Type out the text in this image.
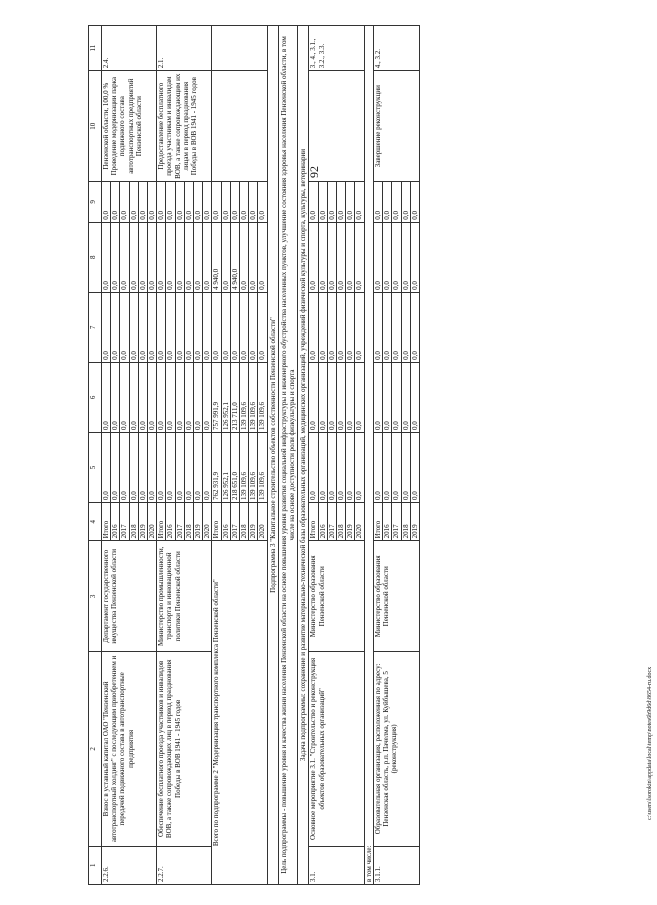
92
c:\users\lsorokin\appdata\local\temp\notes6b9d6d\8654-ru.docx
1	2	3	4	5	6	7	8	9	10	11
2.2.6.	Взнос в уставный капитал ОАО "Пензенский автотранспортный холдинг" с последующим приобретением и передачей подвижного состава в автотранспортные предприятия	Департамент государственного имущества Пензенской области	Итого	0,0	0,0	0,0	0,0	0,0	Пензенской области, 100,0 % Проведение модернизации парка подвижного состава автотранспортных предприятий Пензенской области	2.4.
			2016	0,0	0,0	0,0	0,0	0,0		
			2017	0,0	0,0	0,0	0,0	0,0		
			2018	0,0	0,0	0,0	0,0	0,0		
			2019	0,0	0,0	0,0	0,0	0,0		
			2020	0,0	0,0	0,0	0,0	0,0		
2.2.7.	Обеспечение бесплатного проезда участников и инвалидов ВОВ, а также сопровождающих лиц в период празднования Победы в ВОВ 1941 - 1945 годов	Министерство промышленности, транспорта и инновационной политики Пензенской области	Итого	0,0	0,0	0,0	0,0	0,0	Предоставление бесплатного проезда участникам и инвалидам ВОВ, а также сопровождающим их лицам в период празднования Победы в ВОВ 1941 - 1945 годов	2.1.
			2016	0,0	0,0	0,0	0,0	0,0		
			2017	0,0	0,0	0,0	0,0	0,0		
			2018	0,0	0,0	0,0	0,0	0,0		
			2019	0,0	0,0	0,0	0,0	0,0		
			2020	0,0	0,0	0,0	0,0	0,0		
Всего по подпрограмме 2 "Модернизация транспортного комплекса Пензенской области"			Итого	762 931,9	757 991,9	0,0	4 940,0	0,0		
			2016	126 952,1	126 952,1	0,0	0,0	0,0		
			2017	218 651,0	213 711,0	0,0	4 940,0	0,0		
			2018	139 109,6	139 109,6	0,0	0,0	0,0		
			2019	139 109,6	139 109,6	0,0	0,0	0,0		
			2020	139 109,6	139 109,6	0,0	0,0	0,0		
Подпрограмма 3 "Капитальное строительство объектов собственности Пензенской области"										
Цель подпрограммы - повышение уровня и качества жизни населения Пензенской области на основе повышения уровня развития социальной инфраструктуры и инженерного обустройства населенных пунктов, улучшение состояния здоровья населения Пензенской области, в том числе на основе доступности роли физкультуры и спорта										
Задача подпрограммы: сохранение и развитие материально-технической базы образовательных организаций, медицинских организаций, учреждений физической культуры и спорта, культуры, ветеринарии										
3.1.	Основное мероприятие 3.1. "Строительство и реконструкция объектов образовательных организаций"	Министерство образования Пензенской области	Итого	0,0	0,0	0,0	0,0	0,0		3., 4., 3.1., 3.2., 3.3.
			2016	0,0	0,0	0,0	0,0	0,0		
			2017	0,0	0,0	0,0	0,0	0,0		
			2018	0,0	0,0	0,0	0,0	0,0		
			2019	0,0	0,0	0,0	0,0	0,0		
			2020	0,0	0,0	0,0	0,0	0,0		
в том числе:										
3.1.1.	Образовательная организация, расположенная по адресу: Пензенская область, р.п. Пачелма, ул. Куйбышева, 5 (реконструкция)	Министерство образования Пензенской области	Итого	0,0	0,0	0,0	0,0	0,0	Завершение реконструкции	4., 3.2.
			2016	0,0	0,0	0,0	0,0	0,0		
			2017	0,0	0,0	0,0	0,0	0,0		
			2018	0,0	0,0	0,0	0,0	0,0		
			2019	0,0	0,0	0,0	0,0	0,0		
